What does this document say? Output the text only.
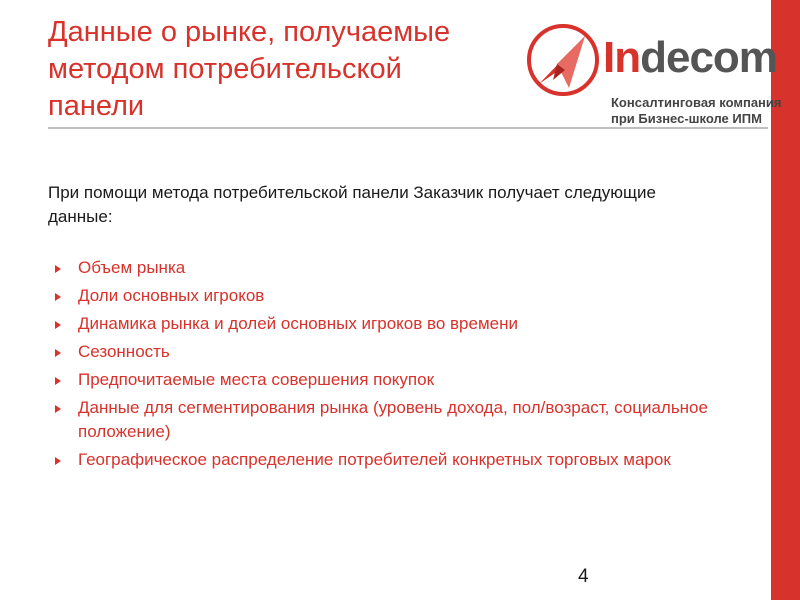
Данные о рынке, получаемые
методом потребительской
панели
Indecom
Консалтинговая компания
при Бизнес-школе ИПМ
При помощи метода потребительской панели Заказчик получает следующие данные:
Объем рынка
Доли основных игроков
Динамика рынка и долей основных игроков во времени
Сезонность
Предпочитаемые места совершения покупок
Данные для сегментирования рынка (уровень дохода, пол/возраст, социальное положение)
Географическое распределение потребителей конкретных торговых марок
4
